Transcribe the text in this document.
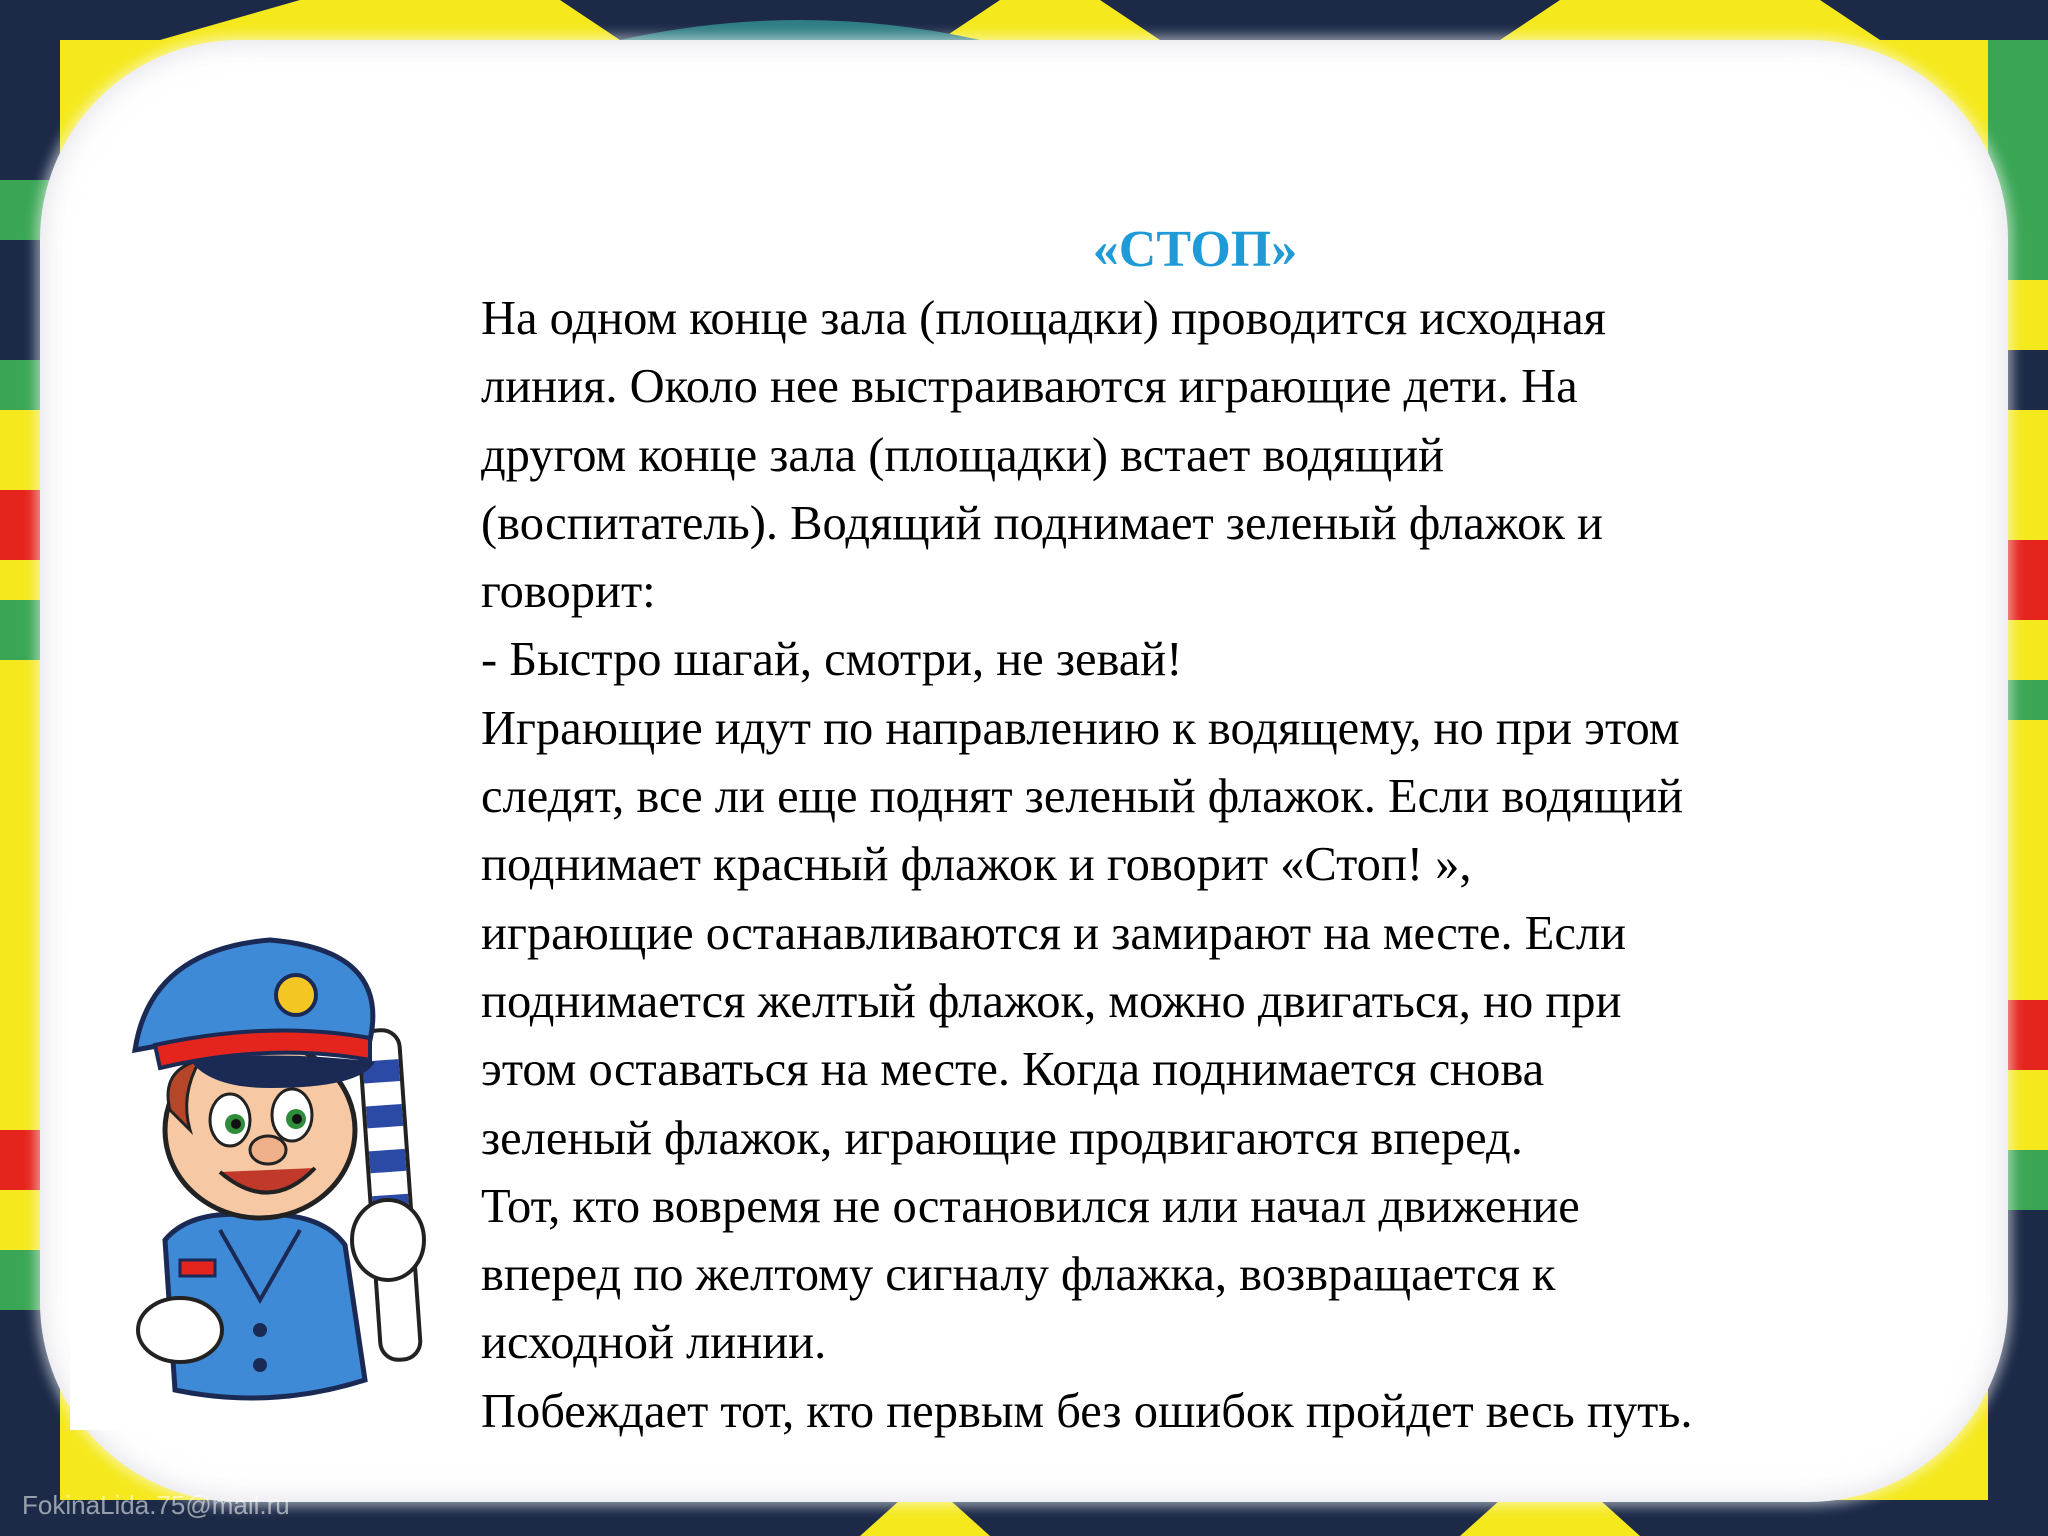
«СТОП»
На одном конце зала (площадки) проводится исходная
линия. Около нее выстраиваются играющие дети. На
другом конце зала (площадки) встает водящий
(воспитатель). Водящий поднимает зеленый флажок и
говорит:
- Быстро шагай, смотри, не зевай!
Играющие идут по направлению к водящему, но при этом
следят, все ли еще поднят зеленый флажок. Если водящий
поднимает красный флажок и говорит «Стоп! »,
играющие останавливаются и замирают на месте. Если
поднимается желтый флажок, можно двигаться, но при
этом оставаться на месте. Когда поднимается снова
зеленый флажок, играющие продвигаются вперед.
Тот, кто вовремя не остановился или начал движение
вперед по желтому сигналу флажка, возвращается к
исходной линии.
Побеждает тот, кто первым без ошибок пройдет весь путь.
FokinaLida.75@mail.ru
